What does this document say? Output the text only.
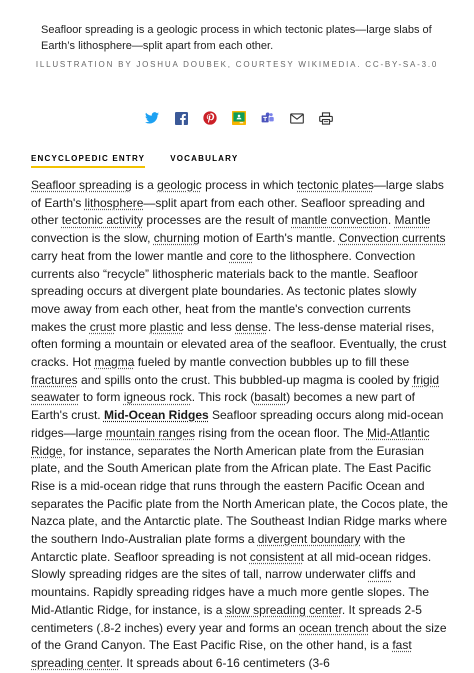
Seafloor spreading is a geologic process in which tectonic plates—large slabs of Earth’s lithosphere—split apart from each other.
ILLUSTRATION BY JOSHUA DOUBEK, COURTESY WIKIMEDIA. CC-BY-SA-3.0
ENCYCLOPEDIC ENTRY	VOCABULARY
Seafloor spreading is a geologic process in which tectonic plates—large slabs of Earth's lithosphere—split apart from each other. Seafloor spreading and other tectonic activity processes are the result of mantle convection. Mantle convection is the slow, churning motion of Earth's mantle. Convection currents carry heat from the lower mantle and core to the lithosphere. Convection currents also “recycle” lithospheric materials back to the mantle. Seafloor spreading occurs at divergent plate boundaries. As tectonic plates slowly move away from each other, heat from the mantle's convection currents makes the crust more plastic and less dense. The less-dense material rises, often forming a mountain or elevated area of the seafloor. Eventually, the crust cracks. Hot magma fueled by mantle convection bubbles up to fill these fractures and spills onto the crust. This bubbled-up magma is cooled by frigid seawater to form igneous rock. This rock (basalt) becomes a new part of Earth's crust. Mid-Ocean Ridges Seafloor spreading occurs along mid-ocean ridges—large mountain ranges rising from the ocean floor. The Mid-Atlantic Ridge, for instance, separates the North American plate from the Eurasian plate, and the South American plate from the African plate. The East Pacific Rise is a mid-ocean ridge that runs through the eastern Pacific Ocean and separates the Pacific plate from the North American plate, the Cocos plate, the Nazca plate, and the Antarctic plate. The Southeast Indian Ridge marks where the southern Indo-Australian plate forms a divergent boundary with the Antarctic plate. Seafloor spreading is not consistent at all mid-ocean ridges. Slowly spreading ridges are the sites of tall, narrow underwater cliffs and mountains. Rapidly spreading ridges have a much more gentle slopes. The Mid-Atlantic Ridge, for instance, is a slow spreading center. It spreads 2-5 centimeters (.8-2 inches) every year and forms an ocean trench about the size of the Grand Canyon. The East Pacific Rise, on the other hand, is a fast spreading center. It spreads about 6-16 centimeters (3-6
